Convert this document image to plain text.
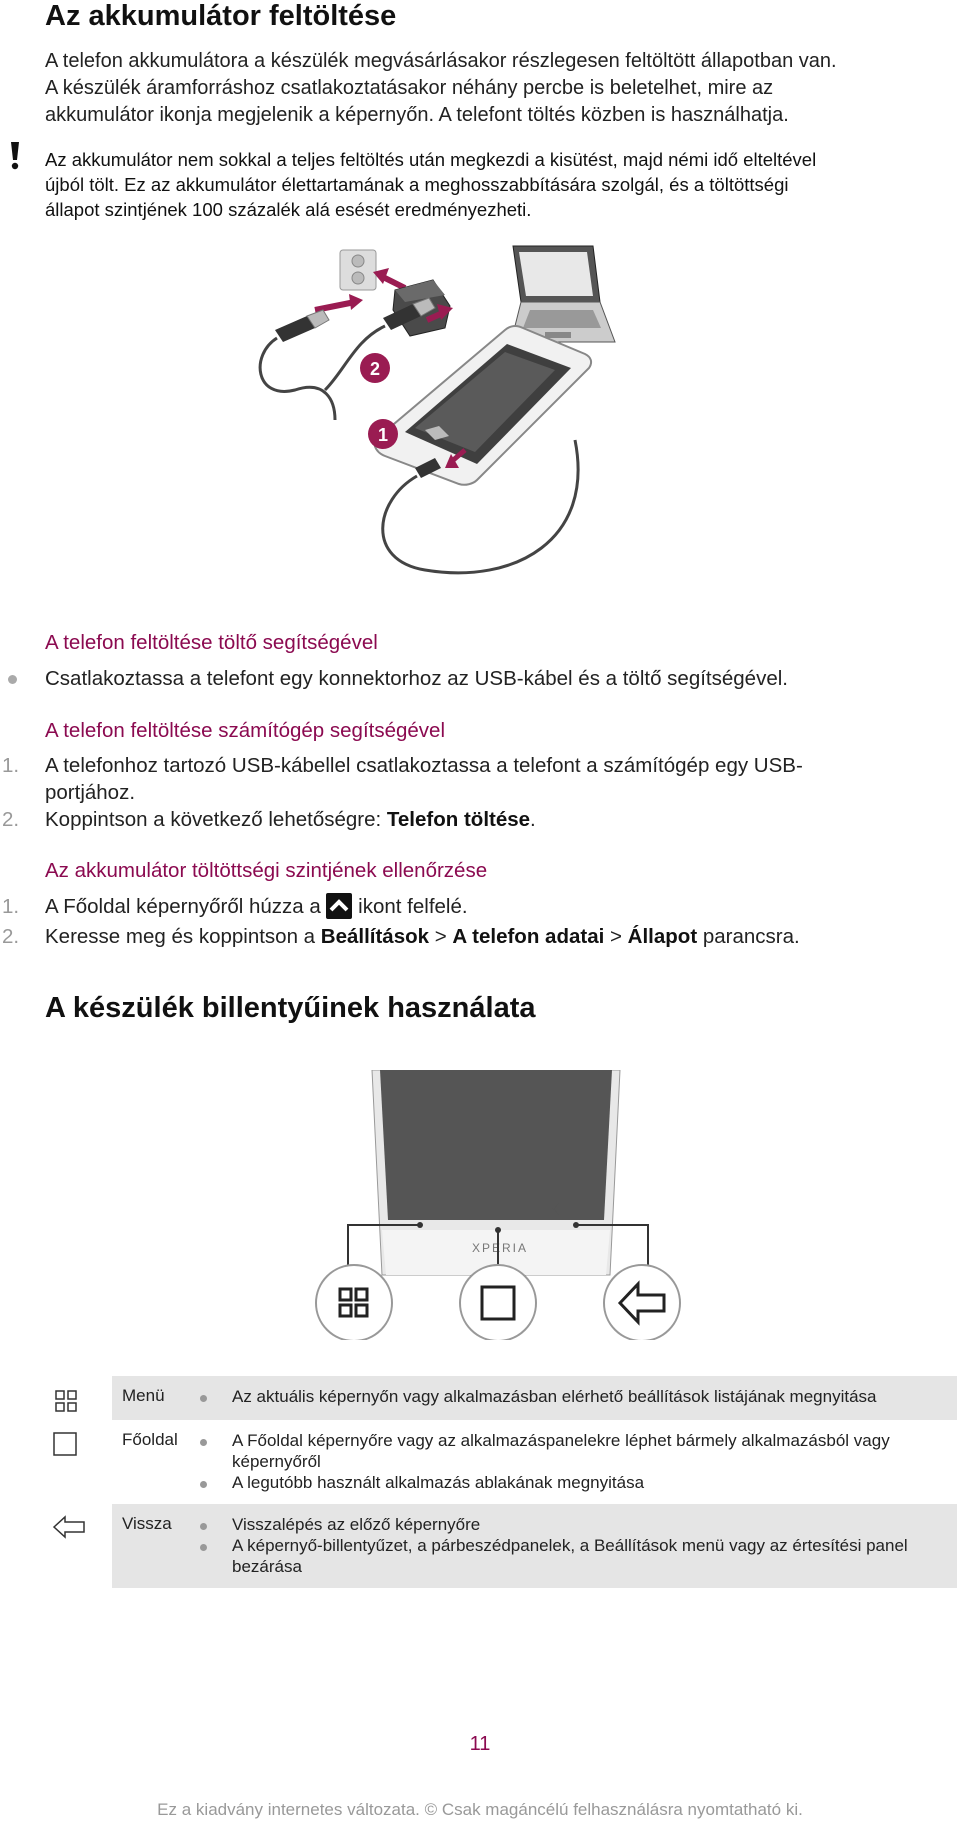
Az akkumulátor feltöltése
A telefon akkumulátora a készülék megvásárlásakor részlegesen feltöltött állapotban van.
A készülék áramforráshoz csatlakoztatásakor néhány percbe is beletelhet, mire az
akkumulátor ikonja megjelenik a képernyőn. A telefont töltés közben is használhatja.
Az akkumulátor nem sokkal a teljes feltöltés után megkezdi a kisütést, majd némi idő elteltével
újból tölt. Ez az akkumulátor élettartamának a meghosszabbítására szolgál, és a töltöttségi
állapot szintjének 100 százalék alá esését eredményezheti.
2
1
A telefon feltöltése töltő segítségével
Csatlakoztassa a telefont egy konnektorhoz az USB-kábel és a töltő segítségével.
A telefon feltöltése számítógép segítségével
1. A telefonhoz tartozó USB-kábellel csatlakoztassa a telefont a számítógép egy USB-
portjához.
2. Koppintson a következő lehetőségre: Telefon töltése.
Az akkumulátor töltöttségi szintjének ellenőrzése
1. A Főoldal képernyőről húzza a  ikont felfelé.
2. Keresse meg és koppintson a Beállítások > A telefon adatai > Állapot parancsra.
A készülék billentyűinek használata
XPERIA
Menü	Az aktuális képernyőn vagy alkalmazásban elérhető beállítások listájának megnyitása
Főoldal	A Főoldal képernyőre vagy az alkalmazáspanelekre léphet bármely alkalmazásból vagy
képernyőről
A legutóbb használt alkalmazás ablakának megnyitása
Vissza	Visszalépés az előző képernyőre
A képernyő-billentyűzet, a párbeszédpanelek, a Beállítások menü vagy az értesítési panel
bezárása
11
Ez a kiadvány internetes változata. © Csak magáncélú felhasználásra nyomtatható ki.
